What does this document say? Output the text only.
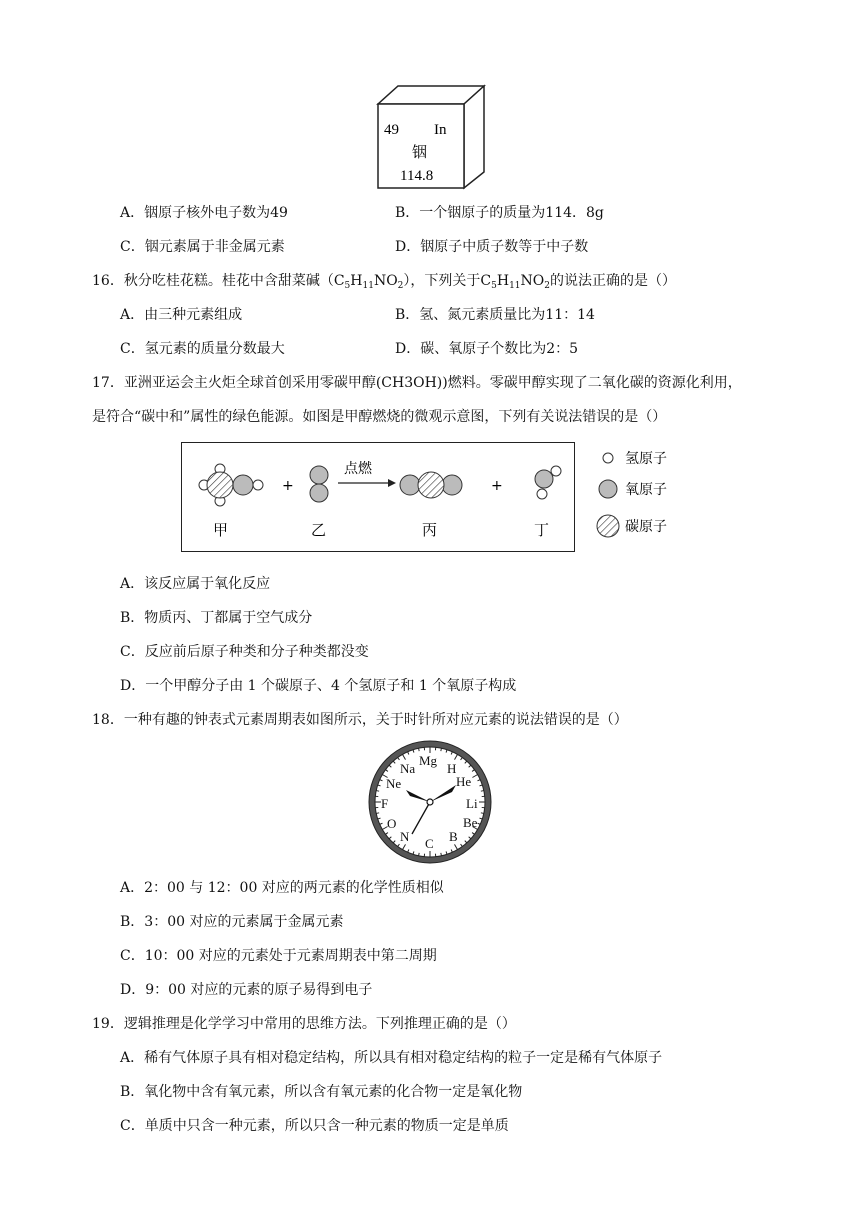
49 In
铟
114.8
A．铟原子核外电子数为49	B．一个铟原子的质量为114．8g
C．铟元素属于非金属元素	D．铟原子中质子数等于中子数
16．秋分吃桂花糕。桂花中含甜菜碱$(C_5H_{11}NO_2)$，下列关于$C_5H_{11}NO_2$的说法正确的是（）
A．由三种元素组成	B．氢、氮元素质量比为11：14
C．氢元素的质量分数最大	D．碳、氧原子个数比为2：5
17．亚洲亚运会主火炬全球首创采用零碳甲醇(CH3OH))燃料。零碳甲醇实现了二氧化碳的资源化利用，
是符合“碳中和”属性的绿色能源。如图是甲醇燃烧的微观示意图，下列有关说法错误的是（）
+
点燃
+
甲	乙	丙	丁
氢原子
氧原子
碳原子
A．该反应属于氧化反应
B．物质丙、丁都属于空气成分
C．反应前后原子种类和分子种类都没变
D．一个甲醇分子由 1 个碳原子、4 个氢原子和 1 个氧原子构成
18．一种有趣的钟表式元素周期表如图所示，关于时针所对应元素的说法错误的是（）
Mg
Na H
He
Ne
F	Li
Be
O
N C B
A．2：00 与 12：00 对应的两元素的化学性质相似
B．3：00 对应的元素属于金属元素
C．10：00 对应的元素处于元素周期表中第二周期
D．9：00 对应的元素的原子易得到电子
19．逻辑推理是化学学习中常用的思维方法。下列推理正确的是（）
A．稀有气体原子具有相对稳定结构，所以具有相对稳定结构的粒子一定是稀有气体原子
B．氧化物中含有氧元素，所以含有氧元素的化合物一定是氧化物
C．单质中只含一种元素，所以只含一种元素的物质一定是单质
